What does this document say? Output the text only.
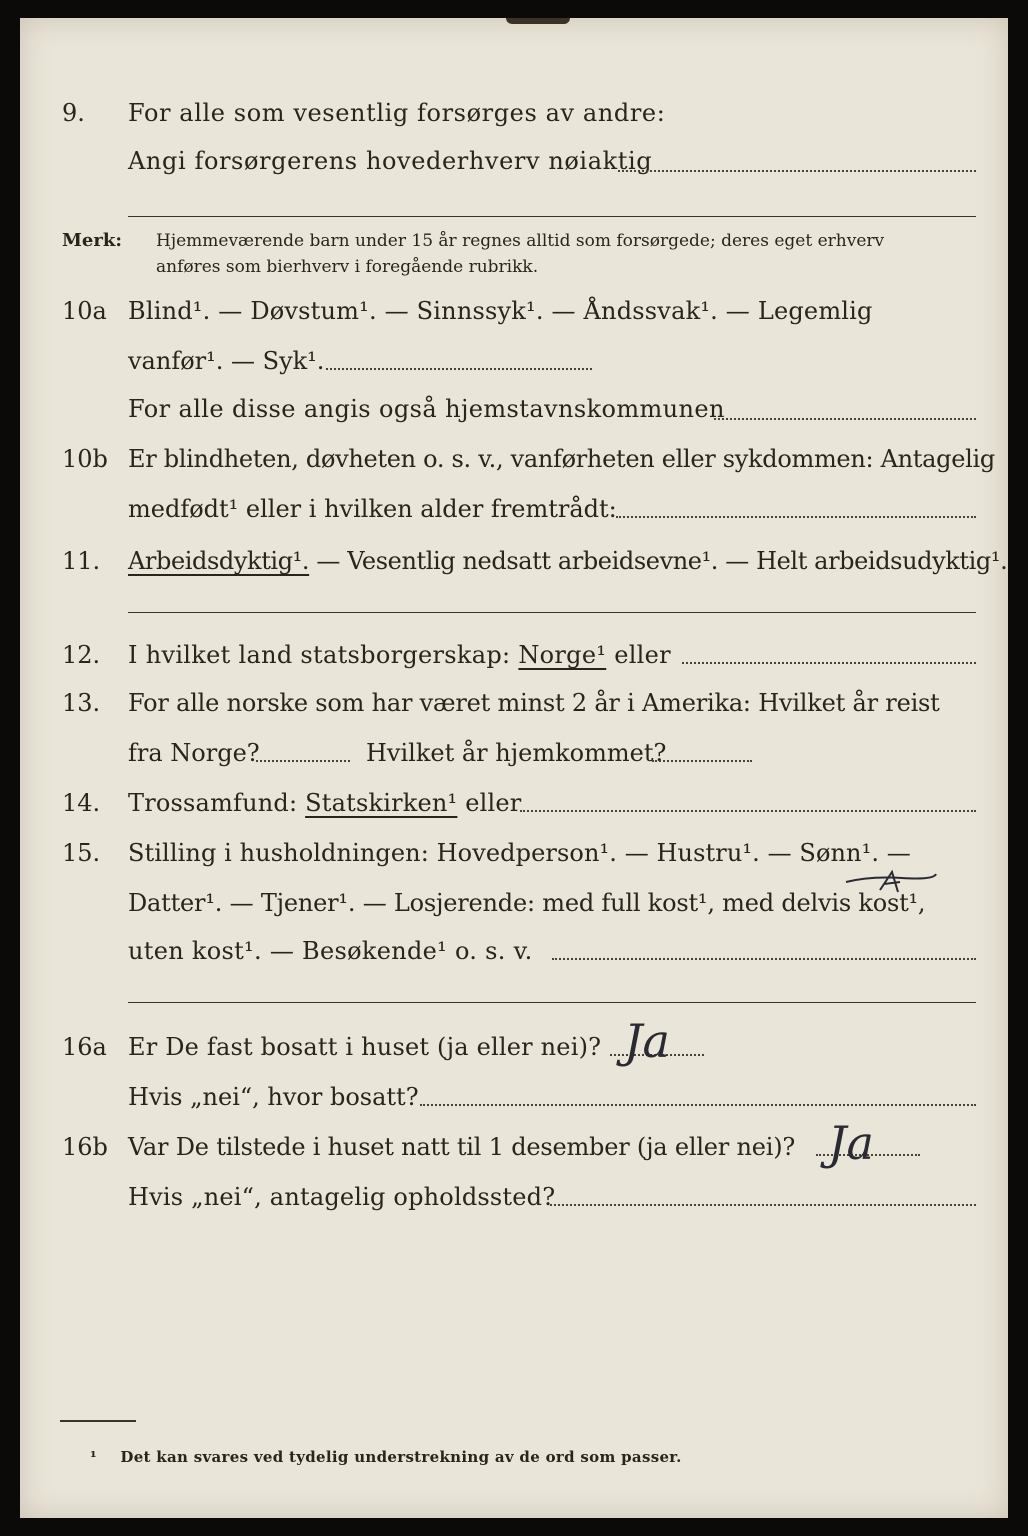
9. For alle som vesentlig forsørges av andre:
Angi forsørgerens hovederhverv nøiaktig
Merk: Hjemmeværende barn under 15 år regnes alltid som forsørgede; deres eget erhverv
anføres som bierhverv i foregående rubrikk.
10a Blind¹. — Døvstum¹. — Sinnssyk¹. — Åndssvak¹. — Legemlig
vanfør¹. — Syk¹.
For alle disse angis også hjemstavnskommunen
10b Er blindheten, døvheten o. s. v., vanførheten eller sykdommen: Antagelig
medfødt¹ eller i hvilken alder fremtrådt:
11. Arbeidsdyktig¹. — Vesentlig nedsatt arbeidsevne¹. — Helt arbeidsudyktig¹.
12. I hvilket land statsborgerskap: Norge¹ eller
13. For alle norske som har været minst 2 år i Amerika: Hvilket år reist
fra Norge?	Hvilket år hjemkommet?
14. Trossamfund: Statskirken¹ eller
15. Stilling i husholdningen: Hovedperson¹. — Hustru¹. — Sønn¹. —
Datter¹. — Tjener¹. — Losjerende: med full kost¹, med delvis kost¹,
uten kost¹. — Besøkende¹ o. s. v.
16a Er De fast bosatt i huset (ja eller nei)? Ja
Hvis „nei“, hvor bosatt?
16b Var De tilstede i huset natt til 1 desember (ja eller nei)? Ja
Hvis „nei“, antagelig opholdssted?
¹ Det kan svares ved tydelig understrekning av de ord som passer.
